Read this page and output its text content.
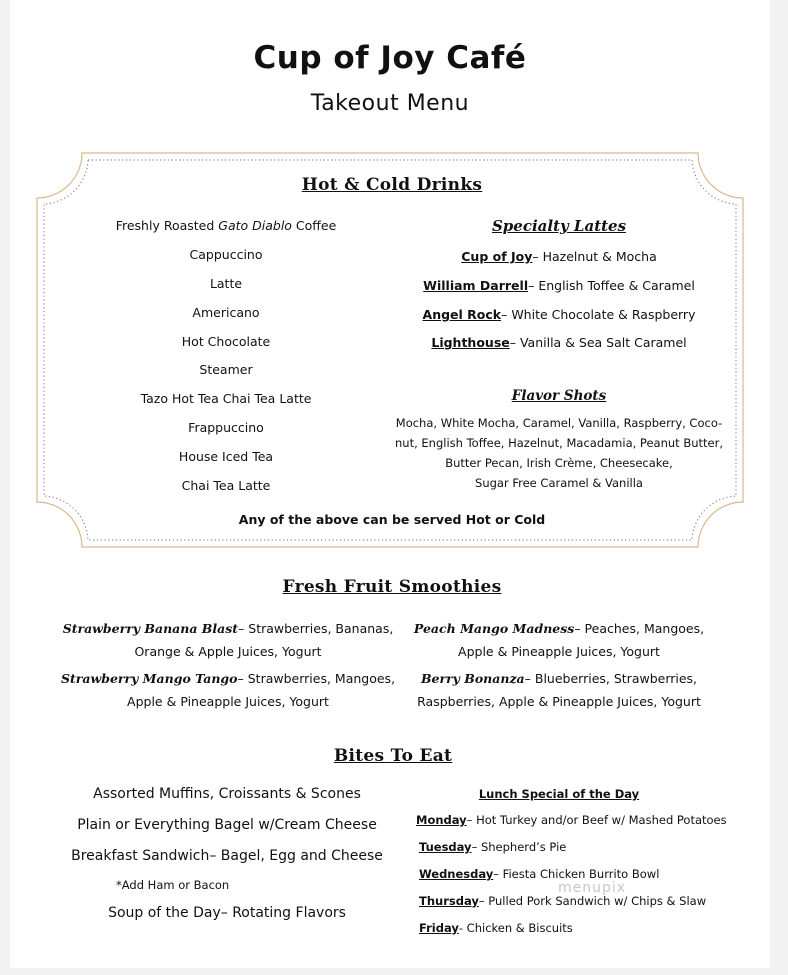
Cup of Joy Café
Takeout Menu
Hot & Cold Drinks
Freshly Roasted Gato Diablo Coffee
Cappuccino
Latte
Americano
Hot Chocolate
Steamer
Tazo Hot Tea Chai Tea Latte
Frappuccino
House Iced Tea
Chai Tea Latte
Specialty Lattes
Cup of Joy– Hazelnut & Mocha
William Darrell– English Toffee & Caramel
Angel Rock– White Chocolate & Raspberry
Lighthouse– Vanilla & Sea Salt Caramel
Flavor Shots
Mocha, White Mocha, Caramel, Vanilla, Raspberry, Coco-
nut, English Toffee, Hazelnut, Macadamia, Peanut Butter,
Butter Pecan, Irish Crème, Cheesecake,
Sugar Free Caramel & Vanilla
Any of the above can be served Hot or Cold
Fresh Fruit Smoothies
Strawberry Banana Blast– Strawberries, Bananas,
Orange & Apple Juices, Yogurt
Strawberry Mango Tango– Strawberries, Mangoes,
Apple & Pineapple Juices, Yogurt
Peach Mango Madness– Peaches, Mangoes,
Apple & Pineapple Juices, Yogurt
Berry Bonanza– Blueberries, Strawberries,
Raspberries, Apple & Pineapple Juices, Yogurt
Bites To Eat
Assorted Muffins, Croissants & Scones
Plain or Everything Bagel w/Cream Cheese
Breakfast Sandwich– Bagel, Egg and Cheese
*Add Ham or Bacon
Soup of the Day– Rotating Flavors
Lunch Special of the Day
Monday– Hot Turkey and/or Beef w/ Mashed Potatoes
Tuesday– Shepherd’s Pie
Wednesday– Fiesta Chicken Burrito Bowl
Thursday– Pulled Pork Sandwich w/ Chips & Slaw
Friday- Chicken & Biscuits
menupix
